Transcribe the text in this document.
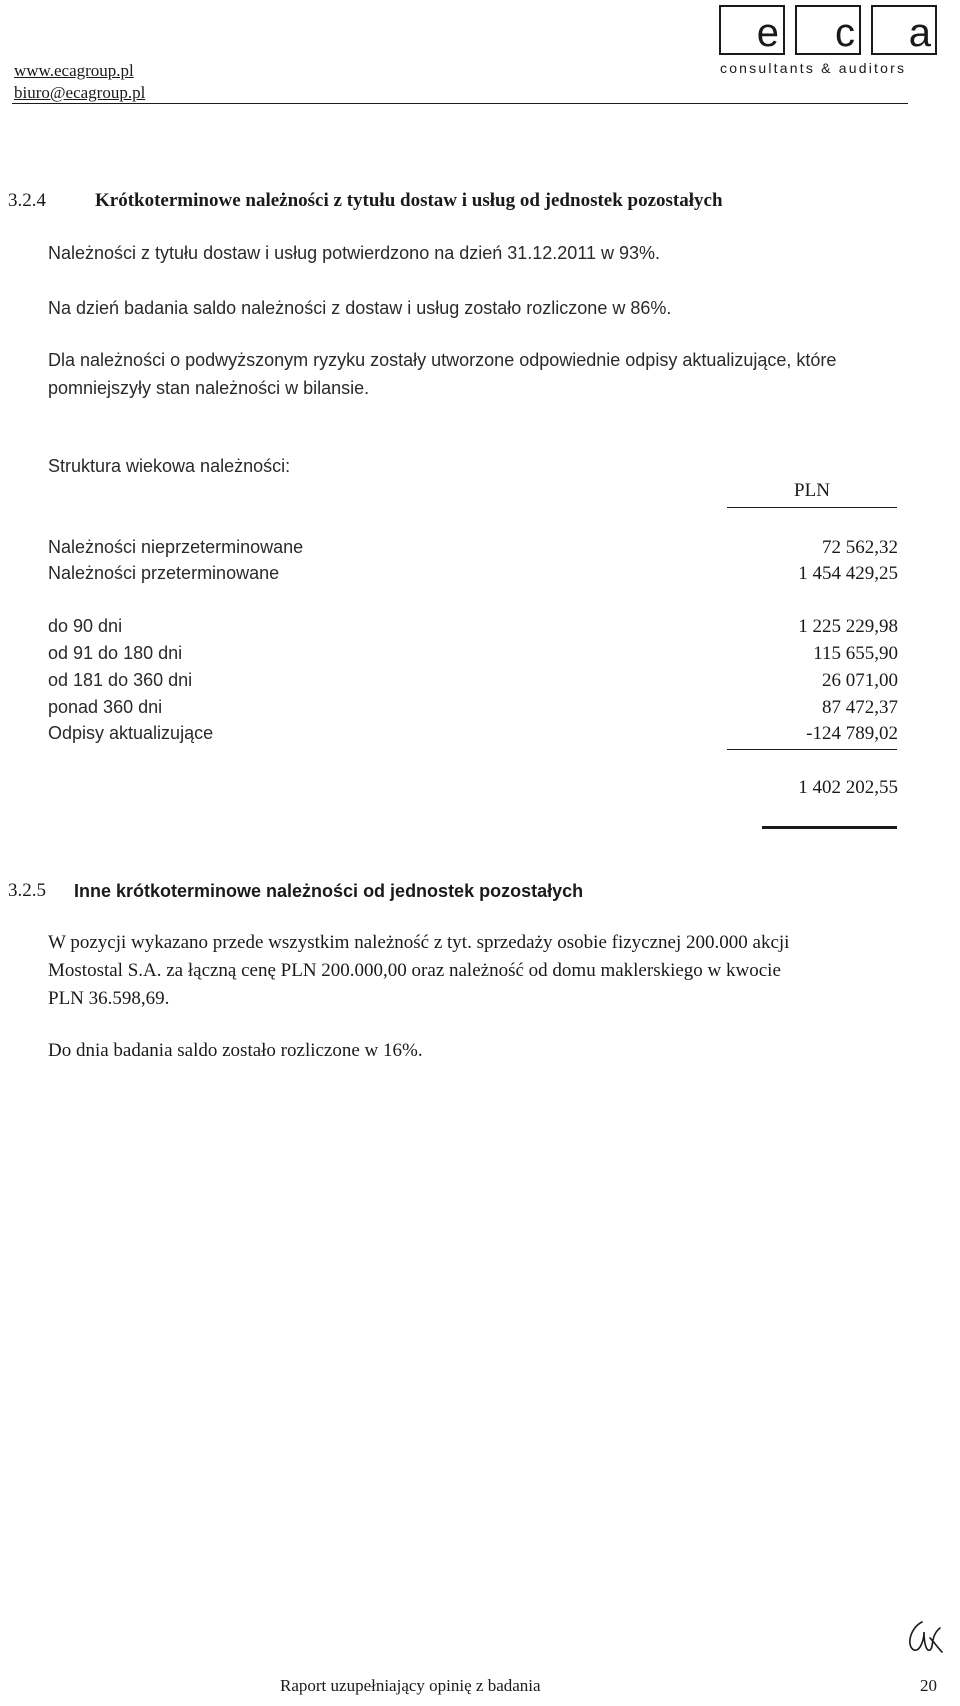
www.ecagroup.pl
biuro@ecagroup.pl
e c a
consultants & auditors
3.2.4	Krótkoterminowe należności z tytułu dostaw i usług od jednostek pozostałych
Należności z tytułu dostaw i usług potwierdzono na dzień 31.12.2011 w 93%.
Na dzień badania saldo należności z dostaw i usług zostało rozliczone w 86%.
Dla należności o podwyższonym ryzyku zostały utworzone odpowiednie odpisy aktualizujące, które
pomniejszyły stan należności w bilansie.
Struktura wiekowa należności:
PLN
Należności nieprzeterminowane	72 562,32
Należności przeterminowane	1 454 429,25
do 90 dni	1 225 229,98
od 91 do 180 dni	115 655,90
od 181 do 360 dni	26 071,00
ponad 360 dni	87 472,37
Odpisy aktualizujące	-124 789,02
1 402 202,55
3.2.5 Inne krótkoterminowe należności od jednostek pozostałych
W pozycji wykazano przede wszystkim należność z tyt. sprzedaży osobie fizycznej 200.000 akcji
Mostostal S.A. za łączną cenę PLN 200.000,00 oraz należność od domu maklerskiego w kwocie
PLN 36.598,69.
Do dnia badania saldo zostało rozliczone w 16%.
Raport uzupełniający opinię z badania	20
